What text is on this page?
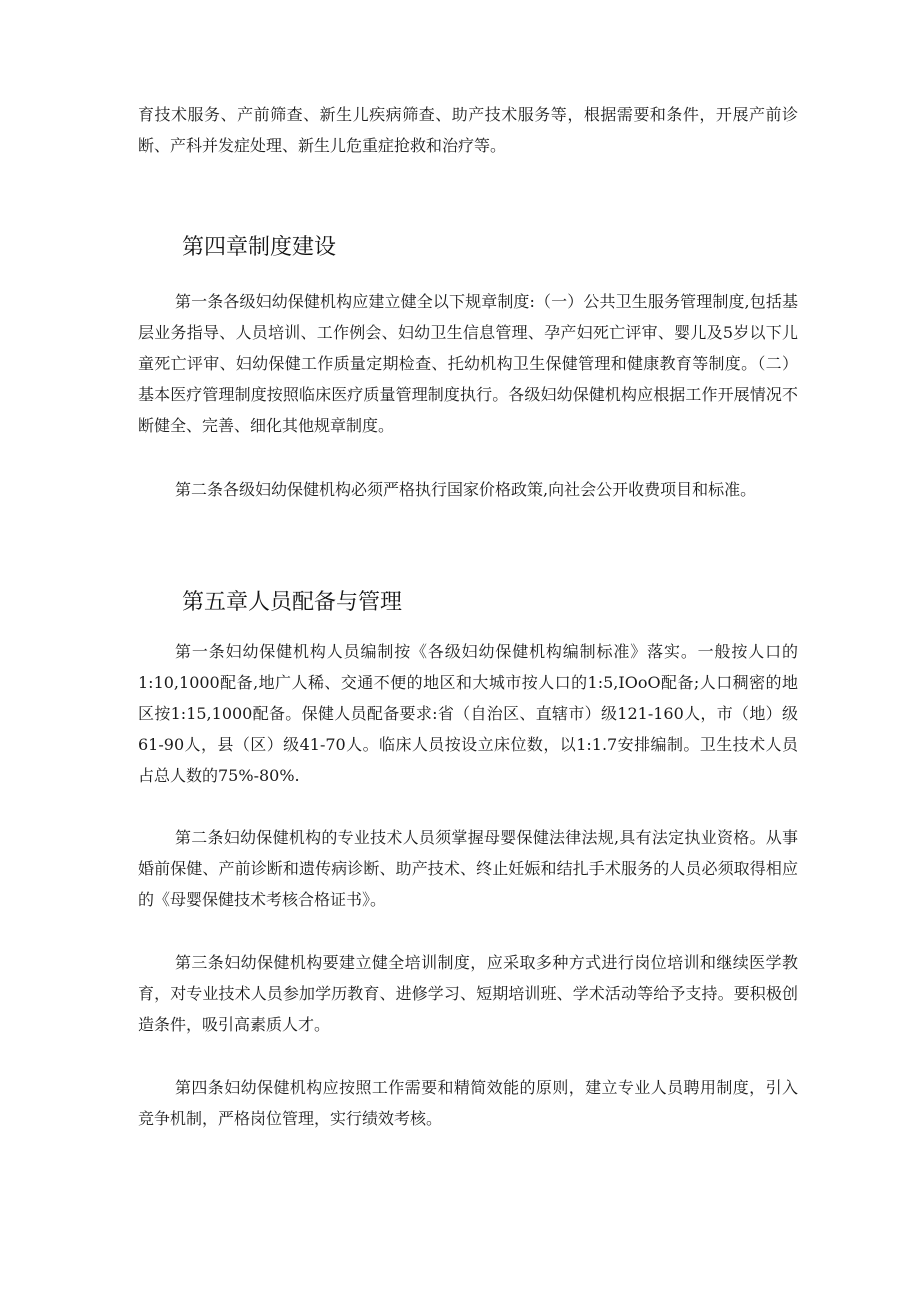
育技术服务、产前筛查、新生儿疾病筛查、助产技术服务等，根据需要和条件，开展产前诊断、产科并发症处理、新生儿危重症抢救和治疗等。

第四章制度建设

第一条各级妇幼保健机构应建立健全以下规章制度:（一）公共卫生服务管理制度,包括基层业务指导、人员培训、工作例会、妇幼卫生信息管理、孕产妇死亡评审、婴儿及5岁以下儿童死亡评审、妇幼保健工作质量定期检查、托幼机构卫生保健管理和健康教育等制度。（二）基本医疗管理制度按照临床医疗质量管理制度执行。各级妇幼保健机构应根据工作开展情况不断健全、完善、细化其他规章制度。

第二条各级妇幼保健机构必须严格执行国家价格政策,向社会公开收费项目和标准。

第五章人员配备与管理

第一条妇幼保健机构人员编制按《各级妇幼保健机构编制标准》落实。一般按人口的1:10,1000配备,地广人稀、交通不便的地区和大城市按人口的1:5,IOoO配备;人口稠密的地区按1:15,1000配备。保健人员配备要求:省（自治区、直辖市）级121-160人，市（地）级61-90人，县（区）级41-70人。临床人员按设立床位数，以1:1.7安排编制。卫生技术人员占总人数的75%-80%.

第二条妇幼保健机构的专业技术人员须掌握母婴保健法律法规,具有法定执业资格。从事婚前保健、产前诊断和遗传病诊断、助产技术、终止妊娠和结扎手术服务的人员必须取得相应的《母婴保健技术考核合格证书》。

第三条妇幼保健机构要建立健全培训制度，应采取多种方式进行岗位培训和继续医学教育，对专业技术人员参加学历教育、进修学习、短期培训班、学术活动等给予支持。要积极创造条件，吸引高素质人才。

第四条妇幼保健机构应按照工作需要和精简效能的原则，建立专业人员聘用制度，引入竞争机制，严格岗位管理，实行绩效考核。
